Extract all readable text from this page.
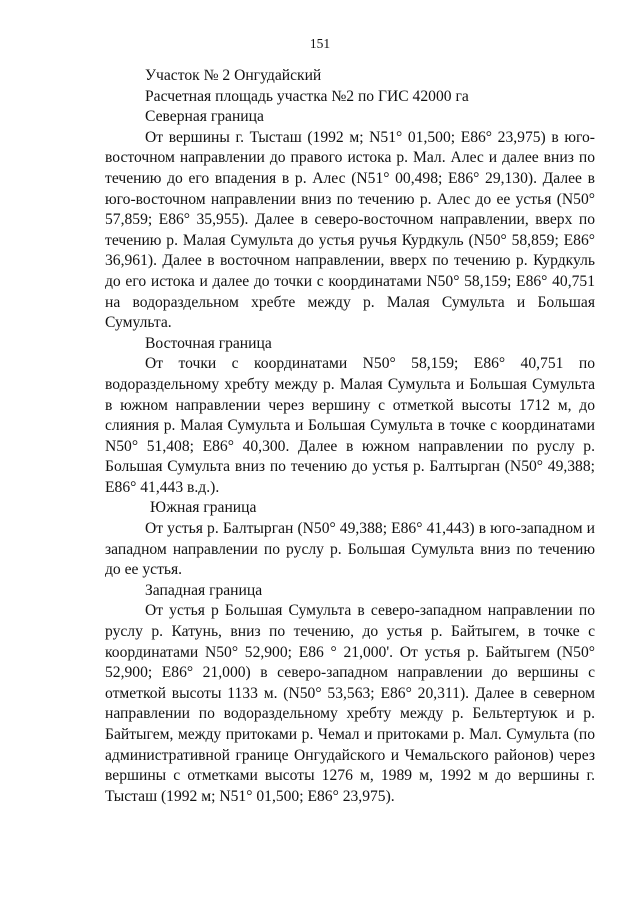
151

Участок № 2 Онгудайский

Расчетная площадь участка №2 по ГИС 42000 га

Северная граница

От вершины г. Тысташ (1992 м; N51° 01,500; E86° 23,975) в юго-восточном направлении до правого истока р. Мал. Алес и далее вниз по течению до его впадения в р. Алес (N51° 00,498; E86° 29,130). Далее в юго-восточном направлении вниз по течению р. Алес до ее устья (N50° 57,859; E86° 35,955). Далее в северо-восточном направлении, вверх по течению р. Малая Сумульта до устья ручья Курдкуль (N50° 58,859; E86° 36,961). Далее в восточном направлении, вверх по течению р. Курдкуль до его истока и далее до точки с координатами N50° 58,159; E86° 40,751 на водораздельном хребте между р. Малая Сумульта и Большая Сумульта.

Восточная граница

От точки с координатами N50° 58,159; E86° 40,751 по водораздельному хребту между р. Малая Сумульта и Большая Сумульта в южном направлении через вершину с отметкой высоты 1712 м, до слияния р. Малая Сумульта и Большая Сумульта в точке с координатами N50° 51,408; E86° 40,300. Далее в южном направлении по руслу р. Большая Сумульта вниз по течению до устья р. Балтырган (N50° 49,388; E86° 41,443 в.д.).

Южная граница

От устья р. Балтырган (N50° 49,388; E86° 41,443) в юго-западном и западном направлении по руслу р. Большая Сумульта вниз по течению до ее устья.

Западная граница

От устья р Большая Сумульта в северо-западном направлении по руслу р. Катунь, вниз по течению, до устья р. Байтыгем, в точке с координатами N50° 52,900; E86 ° 21,000'. От устья р. Байтыгем (N50° 52,900; E86° 21,000) в северо-западном направлении до вершины с отметкой высоты 1133 м. (N50° 53,563; E86° 20,311). Далее в северном направлении по водораздельному хребту между р. Бельтертуюк и р. Байтыгем, между притоками р. Чемал и притоками р. Мал. Сумульта (по административной границе Онгудайского и Чемальского районов) через вершины с отметками высоты 1276 м, 1989 м, 1992 м до вершины г. Тысташ (1992 м; N51° 01,500; E86° 23,975).
